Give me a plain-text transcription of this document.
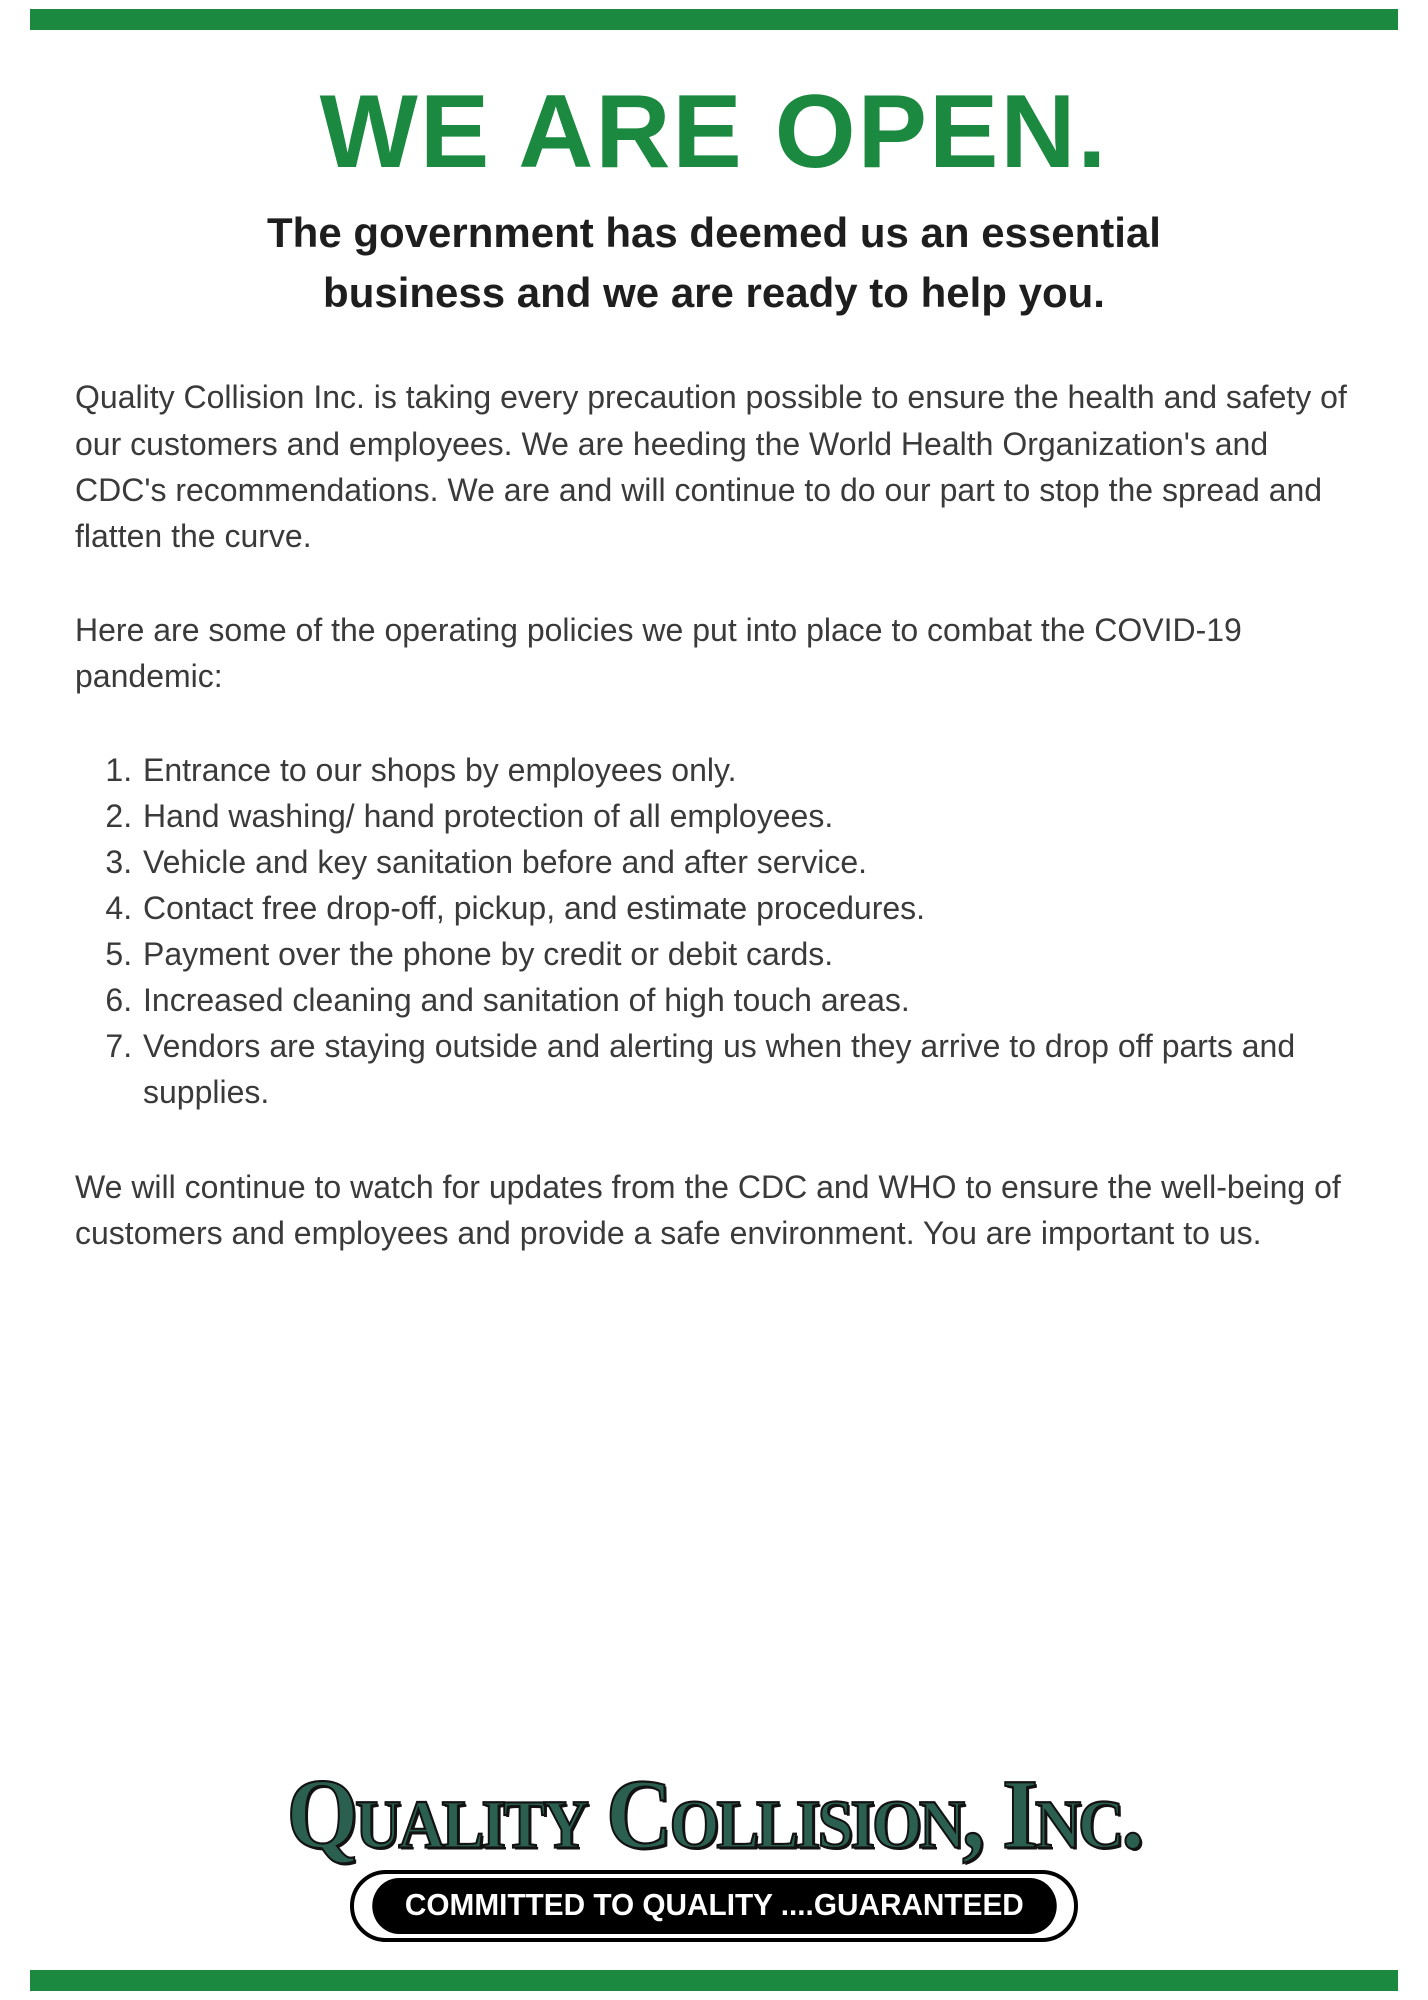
WE ARE OPEN.

The government has deemed us an essential business and we are ready to help you.

Quality Collision Inc. is taking every precaution possible to ensure the health and safety of our customers and employees. We are heeding the World Health Organization's and CDC's recommendations. We are and will continue to do our part to stop the spread and flatten the curve.

Here are some of the operating policies we put into place to combat the COVID-19 pandemic:

1. Entrance to our shops by employees only.
2. Hand washing/ hand protection of all employees.
3. Vehicle and key sanitation before and after service.
4. Contact free drop-off, pickup, and estimate procedures.
5. Payment over the phone by credit or debit cards.
6. Increased cleaning and sanitation of high touch areas.
7. Vendors are staying outside and alerting us when they arrive to drop off parts and supplies.

We will continue to watch for updates from the CDC and WHO to ensure the well-being of customers and employees and provide a safe environment. You are important to us.

Quality Collision, Inc.
COMMITTED TO QUALITY ....GUARANTEED
